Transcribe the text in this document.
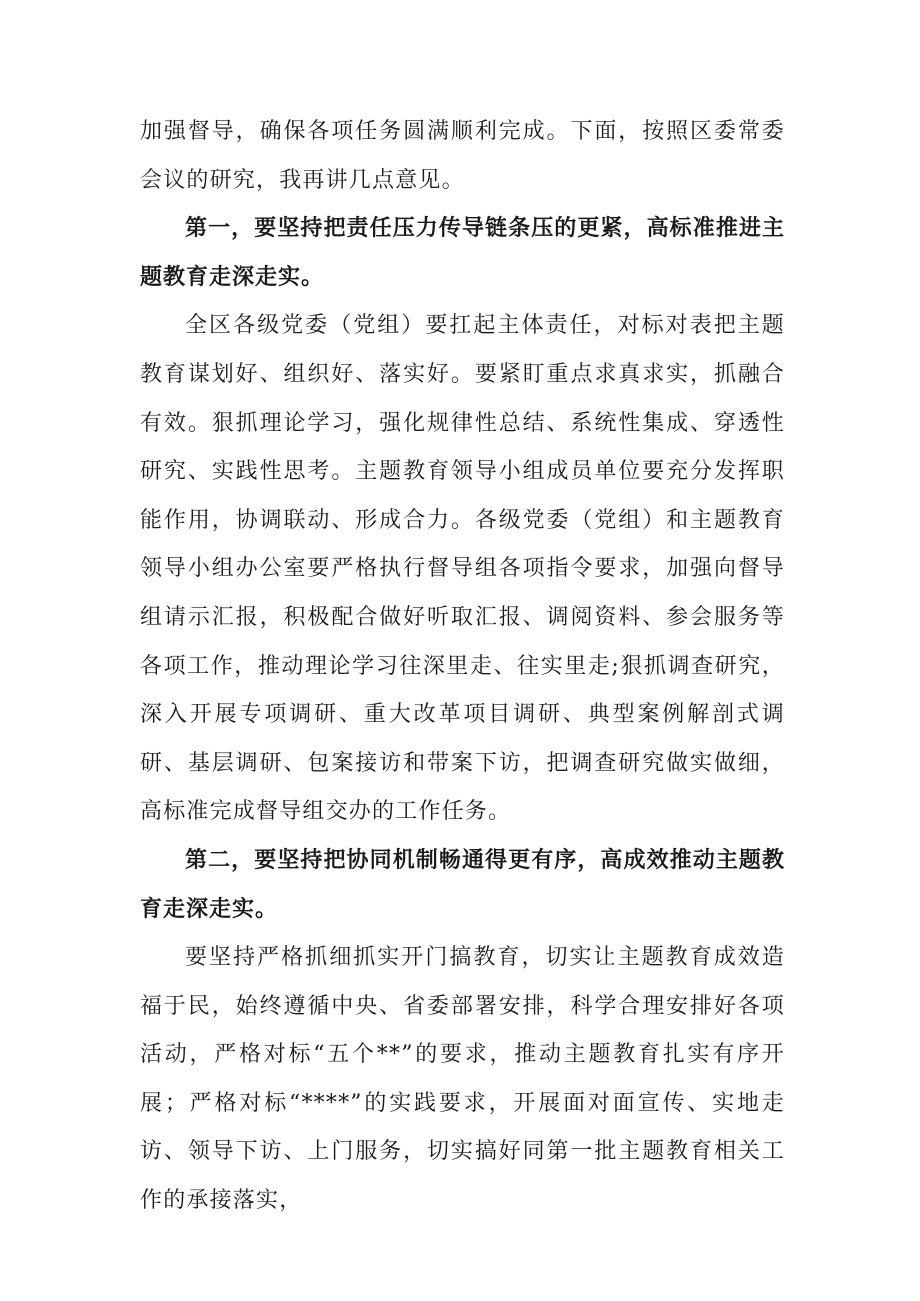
加强督导，确保各项任务圆满顺利完成。下面，按照区委常委会议的研究，我再讲几点意见。

第一，要坚持把责任压力传导链条压的更紧，高标准推进主题教育走深走实。

全区各级党委（党组）要扛起主体责任，对标对表把主题教育谋划好、组织好、落实好。要紧盯重点求真求实，抓融合有效。狠抓理论学习，强化规律性总结、系统性集成、穿透性研究、实践性思考。主题教育领导小组成员单位要充分发挥职能作用，协调联动、形成合力。各级党委（党组）和主题教育领导小组办公室要严格执行督导组各项指令要求，加强向督导组请示汇报，积极配合做好听取汇报、调阅资料、参会服务等各项工作，推动理论学习往深里走、往实里走;狠抓调查研究，深入开展专项调研、重大改革项目调研、典型案例解剖式调研、基层调研、包案接访和带案下访，把调查研究做实做细，高标准完成督导组交办的工作任务。

第二，要坚持把协同机制畅通得更有序，高成效推动主题教育走深走实。

要坚持严格抓细抓实开门搞教育，切实让主题教育成效造福于民，始终遵循中央、省委部署安排，科学合理安排好各项活动，严格对标“五个**”的要求，推动主题教育扎实有序开展；严格对标“****”的实践要求，开展面对面宣传、实地走访、领导下访、上门服务，切实搞好同第一批主题教育相关工作的承接落实，
